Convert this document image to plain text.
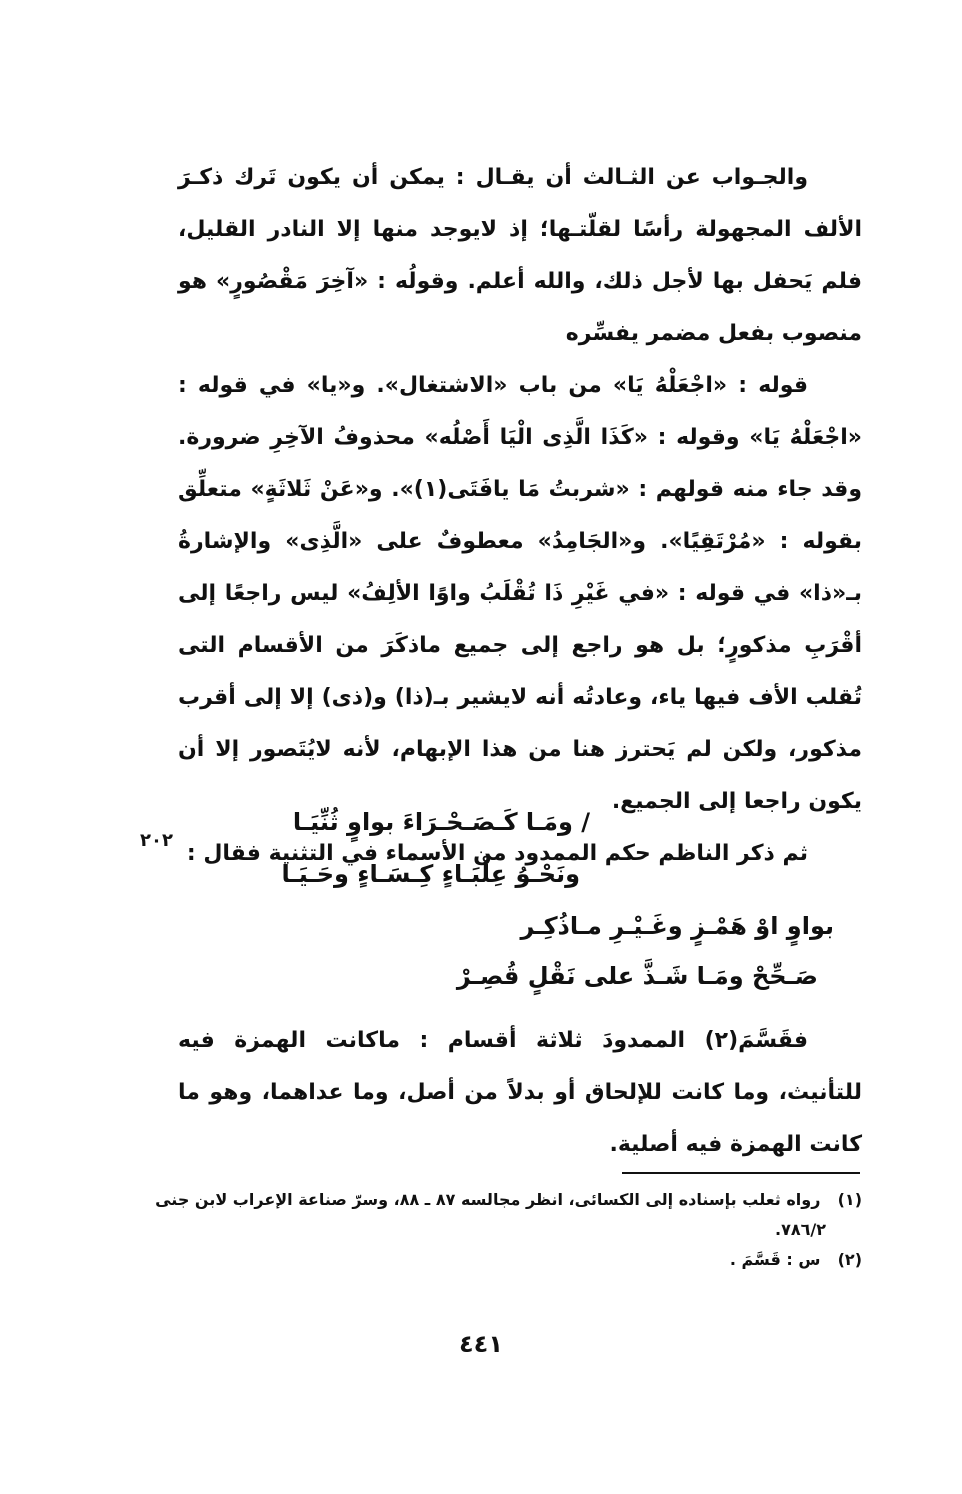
والجـواب عن الثـالث أن يقـال : يمكن أن يكون تَرك ذكـرَ الألف المجهولة رأسًا لقلّتـها؛ إذ لايوجد منها إلا النادر القليل، فلم يَحفل بها لأجل ذلك، والله أعلم. وقولُه : «آخِرَ مَقْصُورٍ» هو منصوب بفعل مضمر يفسِّره

قوله : «اجْعَلْهُ يَا» من باب «الاشتغال». و«يا» في قوله : «اجْعَلْهُ يَا» وقوله : «كَذَا الَّذِى الْيَا أَصْلُه» محذوفُ الآخِرِ ضرورة. وقد جاء منه قولهم : «شربتُ مَا يافَتَى(١)». و«عَنْ ثَلاثَةٍ» متعلِّق بقوله : «مُرْتَقِيًا». و«الجَامِدُ» معطوفٌ على «الَّذِى» والإشارةُ بـ«ذا» في قوله : «في غَيْرِ ذَا تُقْلَبُ واوًا الألِفُ» ليس راجعًا إلى أقْرَبِ مذكورٍ؛ بل هو راجع إلى جميع ماذكَرَ من الأقسام التى تُقلب الأف فيها ياء، وعادتُه أنه لايشير بـ(ذا) و(ذى) إلا إلى أقرب مذكور، ولكن لم يَحترز هنا من هذا الإبهام، لأنه لايُتَصور إلا أن يكون راجعا إلى الجميع.

ثم ذكر الناظم حكم الممدود من الأسماء في التثنية فقال :

٢٠٢
/ ومَـا كَـصَـحْـرَاءَ بواوٍ ثُنِّيَـا
ونَحْـوُ عِلْبَـاءٍ كِـسَـاءٍ وحَـيَـا
بواوٍ اوْ هَمْـزٍ وغَـيْـرِ مـاذُكِـر
صَـحِّحْ ومَـا شَـذَّ على نَقْلٍ قُصِـرْ

فقَسَّمَ(٢) الممدودَ ثلاثة أقسام : ماكانت الهمزة فيه للتأنيث، وما كانت للإلحاق أو بدلاً من أصل، وما عداهما، وهو ما كانت الهمزة فيه أصلية.

(١) رواه ثعلب بإسناده إلى الكسائى، انظر مجالسه ٨٧ ـ ٨٨، وسرّ صناعة الإعراب لابن جنى

٧٨٦/٢.

(٢) س : قَسَّمَ .

٤٤١
